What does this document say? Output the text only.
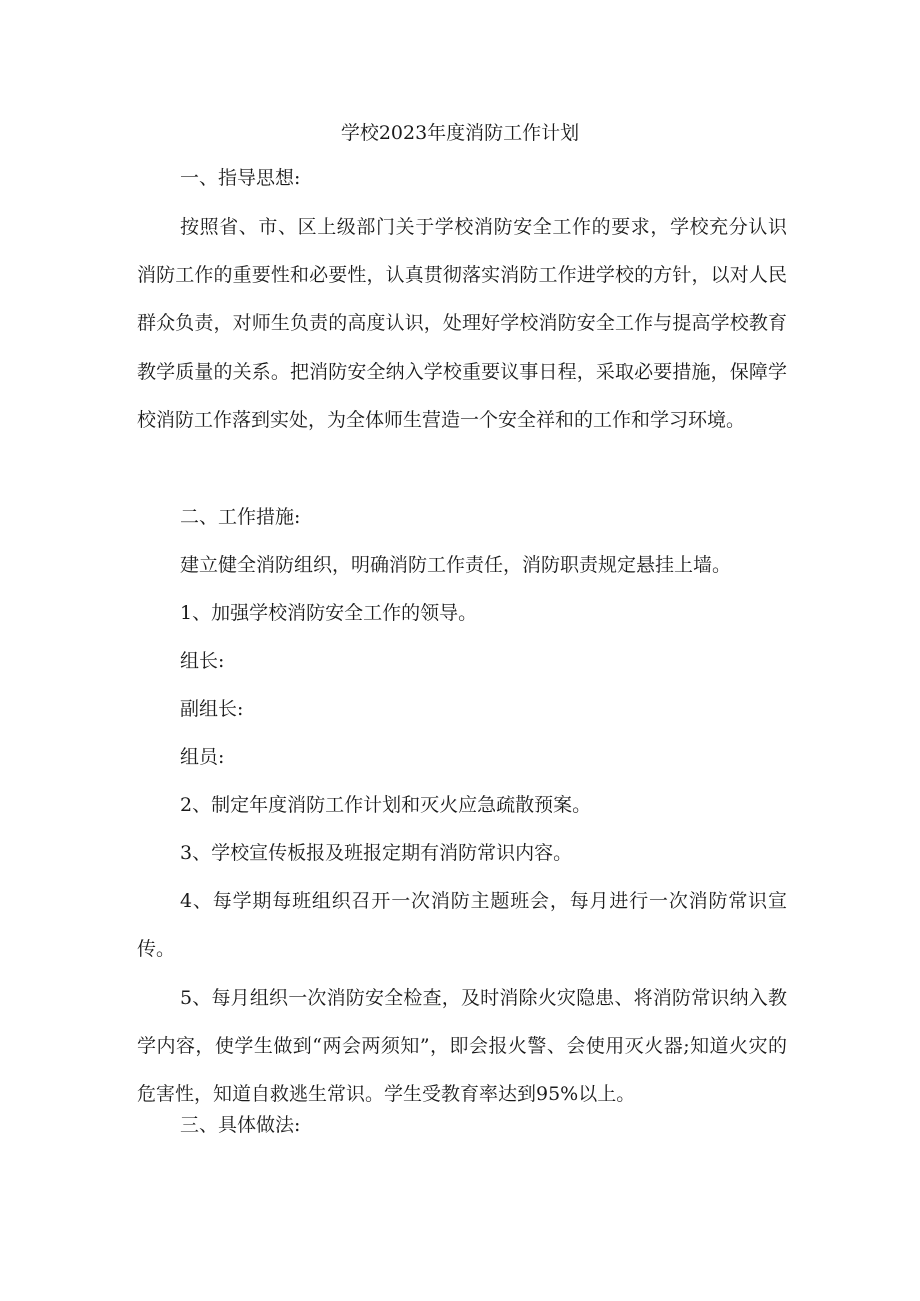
学校2023年度消防工作计划
一、指导思想:
按照省、市、区上级部门关于学校消防安全工作的要求，学校充分认识消防工作的重要性和必要性，认真贯彻落实消防工作进学校的方针，以对人民群众负责，对师生负责的高度认识，处理好学校消防安全工作与提高学校教育教学质量的关系。把消防安全纳入学校重要议事日程，采取必要措施，保障学校消防工作落到实处，为全体师生营造一个安全祥和的工作和学习环境。
二、工作措施:
建立健全消防组织，明确消防工作责任，消防职责规定悬挂上墙。
1、加强学校消防安全工作的领导。
组长:
副组长:
组员:
2、制定年度消防工作计划和灭火应急疏散预案。
3、学校宣传板报及班报定期有消防常识内容。
4、每学期每班组织召开一次消防主题班会，每月进行一次消防常识宣传。
5、每月组织一次消防安全检查，及时消除火灾隐患、将消防常识纳入教学内容，使学生做到“两会两须知”，即会报火警、会使用灭火器;知道火灾的危害性，知道自救逃生常识。学生受教育率达到95%以上。
三、具体做法:
